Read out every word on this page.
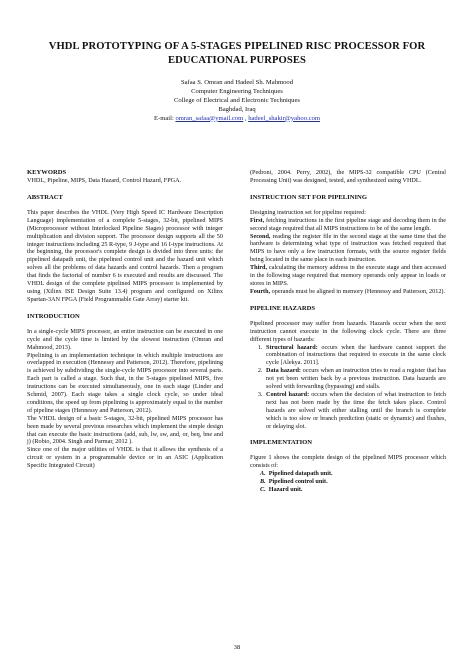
VHDL PROTOTYPING OF A 5-STAGES PIPELINED RISC PROCESSOR FOR
EDUCATIONAL PURPOSES
Safaa S. Omran and Hadeel Sh. Mahmood
Computer Engineering Techniques
College of Electrical and Electronic Techniques
Baghdad, Iraq
E-mail: omran_safaa@ymail.com , hadeel_shakir@yahoo.com
KEYWORDS

VHDL, Pipeline, MIPS, Data Hazard, Control Hazard, FPGA.

ABSTRACT

This paper describes the VHDL (Very High Speed IC Hardware Description Language) implementation of a complete 5-stages, 32-bit, pipelined MIPS (Microprocessor without Interlocked Pipeline Stages) processor with integer multiplication and division support. The processor design supports all the 50 integer instructions including 25 R-type, 9 J-type and 16 I-type instructions. At the beginning, the processor's complete design is divided into three units: the pipelined datapath unit, the pipelined control unit and the hazard unit which solves all the problems of data hazards and control hazards. Then a program that finds the factorial of number 6 is executed and results are discussed. The VHDL design of the complete pipelined MIPS processor is implemented by using (Xilinx ISE Design Suite 13.4) program and configured on Xilinx Spartan-3AN FPGA (Field Programmable Gate Array) starter kit.

INTRODUCTION

In a single-cycle MIPS processor, an entire instruction can be executed in one cycle and the cycle time is limited by the slowest instruction (Omran and Mahmood, 2013).

Pipelining is an implementation technique in which multiple instructions are overlapped in execution (Hennessy and Patterson, 2012). Therefore, pipelining is achieved by subdividing the single-cycle MIPS processor into several parts. Each part is called a stage. Such that, in the 5-stages pipelined MIPS, five instructions can be executed simultaneously, one in each stage (Linder and Schmid, 2007). Each stage takes a single clock cycle, so under ideal conditions, the speed up from pipelining is approximately equal to the number of pipeline stages (Hennessy and Patterson, 2012).

The VHDL design of a basic 5-stages, 32-bit, pipelined MIPS processor has been made by several previous researches which implement the simple design that can execute the basic instructions (add, sub, lw, sw, and, or, beq, bne and j) (Robio, 2004. Singh and Parmar, 2012 ).

Since one of the major utilities of VHDL is that it allows the synthesis of a circuit or system in a programmable device or in an ASIC (Application Specific Integrated Circuit)

(Pedroni, 2004. Perry, 2002), the MIPS-32 compatible CPU (Central Processing Unit) was designed, tested, and synthesized using VHDL.

INSTRUCTION SET FOR PIPELINING

Designing instruction set for pipeline required:

First, fetching instructions in the first pipeline stage and decoding them in the second stage required that all MIPS instructions to be of the same length.

Second, reading the register file in the second stage at the same time that the hardware is determining what type of instruction was fetched required that MIPS to have only a few instruction formats, with the source register fields being located in the same place in each instruction.

Third, calculating the memory address in the execute stage and then accessed in the following stage required that memory operands only appear in loads or stores in MIPS.

Fourth, operands must be aligned in memory (Hennessy and Patterson, 2012).

PIPELINE HAZARDS

Pipelined processor may suffer from hazards. Hazards occur when the next instruction cannot execute in the following clock cycle. There are three different types of hazards:

1. Structural hazard: occurs when the hardware cannot support the combination of instructions that required to execute in the same clock cycle [Alekya. 2011].
2. Data hazard: occurs when an instruction tries to read a register that has not yet been written back by a previous instruction. Data hazards are solved with forwarding (bypassing) and stalls.
3. Control hazard: occurs when the decision of what instruction to fetch next has not been made by the time the fetch takes place. Control hazards are solved with either stalling until the branch is complete which is too slow or branch prediction (static or dynamic) and flushes, or delaying slot.
IMPLEMENTATION

Figure 1 shows the complete design of the pipelined MIPS processor which consists of:

A. Pipelined datapath unit.
B. Pipelined control unit.
C. Hazard unit.
38
